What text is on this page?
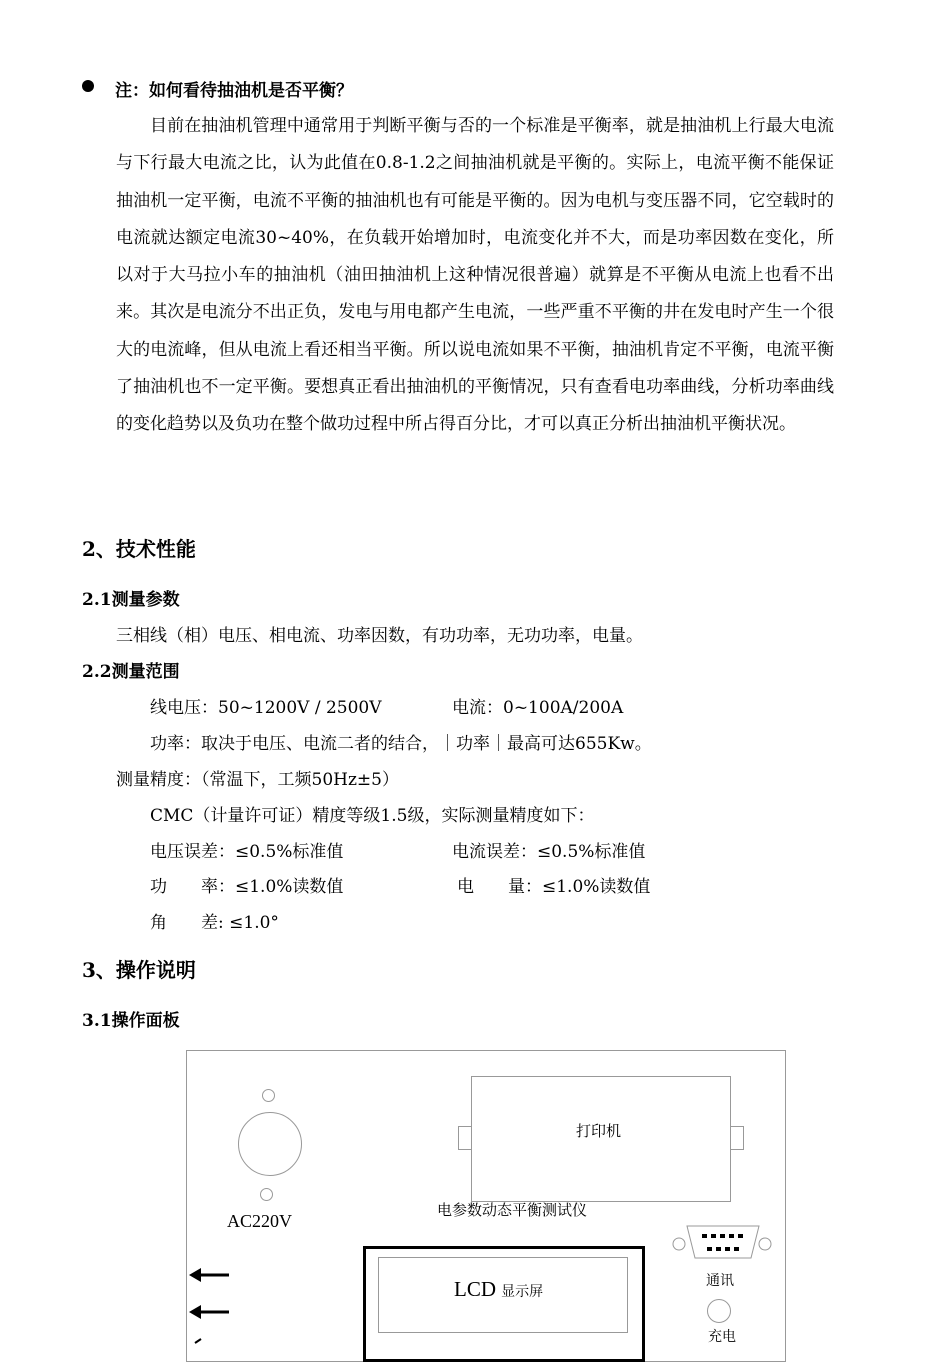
注：如何看待抽油机是否平衡？

目前在抽油机管理中通常用于判断平衡与否的一个标准是平衡率，就是抽油机上行最大电流与下行最大电流之比，认为此值在0.8-1.2之间抽油机就是平衡的。实际上，电流平衡不能保证抽油机一定平衡，电流不平衡的抽油机也有可能是平衡的。因为电机与变压器不同，它空载时的电流就达额定电流30~40%，在负载开始增加时，电流变化并不大，而是功率因数在变化，所以对于大马拉小车的抽油机（油田抽油机上这种情况很普遍）就算是不平衡从电流上也看不出来。其次是电流分不出正负，发电与用电都产生电流，一些严重不平衡的井在发电时产生一个很大的电流峰，但从电流上看还相当平衡。所以说电流如果不平衡，抽油机肯定不平衡，电流平衡了抽油机也不一定平衡。要想真正看出抽油机的平衡情况，只有查看电功率曲线，分析功率曲线的变化趋势以及负功在整个做功过程中所占得百分比，才可以真正分析出抽油机平衡状况。

2、技术性能
2.1测量参数
三相线（相）电压、相电流、功率因数，有功功率，无功功率，电量。
2.2测量范围
线电压：50~1200V / 2500V	电流：0~100A/200A
功率：取决于电压、电流二者的结合，｜功率｜最高可达655Kw。
测量精度：（常温下，工频50Hz±5）
CMC（计量许可证）精度等级1.5级，实际测量精度如下：
电压误差：≤0.5%标准值	电流误差：≤0.5%标准值
功　　率：≤1.0%读数值	电　　量：≤1.0%读数值
角　　差: ≤1.0°
3、操作说明
3.1操作面板
AC220V
打印机
电参数动态平衡测试仪
LCD 显示屏
通讯
充电
